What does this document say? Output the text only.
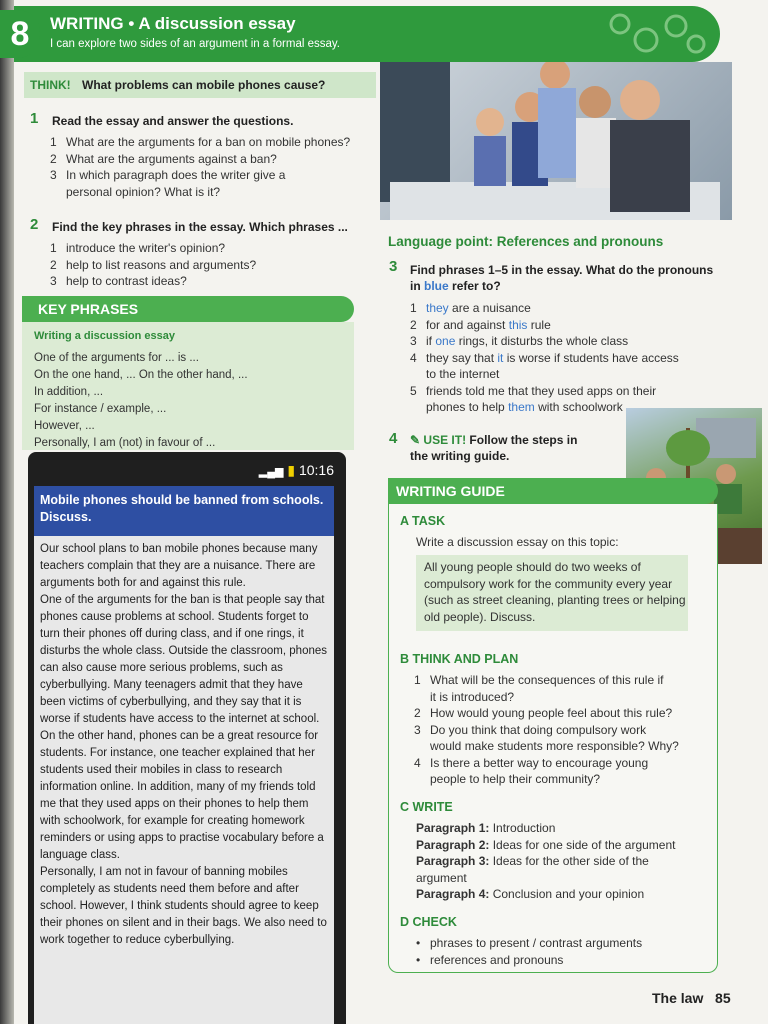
8	WRITING • A discussion essay
I can explore two sides of an argument in a formal essay.
THINK! What problems can mobile phones cause?
1 Read the essay and answer the questions.
1 What are the arguments for a ban on mobile phones?
2 What are the arguments against a ban?
3 In which paragraph does the writer give a
personal opinion? What is it?
2 Find the key phrases in the essay. Which phrases ...
1 introduce the writer's opinion?
2 help to list reasons and arguments?
3 help to contrast ideas?
KEY PHRASES
Writing a discussion essay
One of the arguments for ... is ...
On the one hand, ... On the other hand, ...
In addition, ...
For instance / example, ...
However, ...
Personally, I am (not) in favour of ...
▂▄▆ ▮ 10:16
Mobile phones should be banned from schools.
Discuss.

Our school plans to ban mobile phones because many teachers complain that they are a nuisance. There are arguments both for and against this rule.

One of the arguments for the ban is that people say that phones cause problems at school. Students forget to turn their phones off during class, and if one rings, it disturbs the whole class. Outside the classroom, phones can also cause more serious problems, such as cyberbullying. Many teenagers admit that they have been victims of cyberbullying, and they say that it is worse if students have access to the internet at school.

On the other hand, phones can be a great resource for students. For instance, one teacher explained that her students used their mobiles in class to research information online. In addition, many of my friends told me that they used apps on their phones to help them with schoolwork, for example for creating homework reminders or using apps to practise vocabulary before a language class.

Personally, I am not in favour of banning mobiles completely as students need them before and after school. However, I think students should agree to keep their phones on silent and in their bags. We also need to work together to reduce cyberbullying.

Language point: References and pronouns
3 Find phrases 1–5 in the essay. What do the pronouns
in blue refer to?
1 they are a nuisance
2 for and against this rule
3 if one rings, it disturbs the whole class
4 they say that it is worse if students have access
to the internet
5 friends told me that they used apps on their
phones to help them with schoolwork
4 ✎ USE IT! Follow the steps in
the writing guide.
WRITING GUIDE
A TASK
Write a discussion essay on this topic:
All young people should do two weeks of compulsory work for the community every year (such as street cleaning, planting trees or helping old people). Discuss.
B THINK AND PLAN
1 What will be the consequences of this rule if
it is introduced?
2 How would young people feel about this rule?
3 Do you think that doing compulsory work
would make students more responsible? Why?
4 Is there a better way to encourage young
people to help their community?
C WRITE
Paragraph 1: Introduction
Paragraph 2: Ideas for one side of the argument
Paragraph 3: Ideas for the other side of the
argument
Paragraph 4: Conclusion and your opinion
D CHECK
• phrases to present / contrast arguments
• references and pronouns
The law 85
